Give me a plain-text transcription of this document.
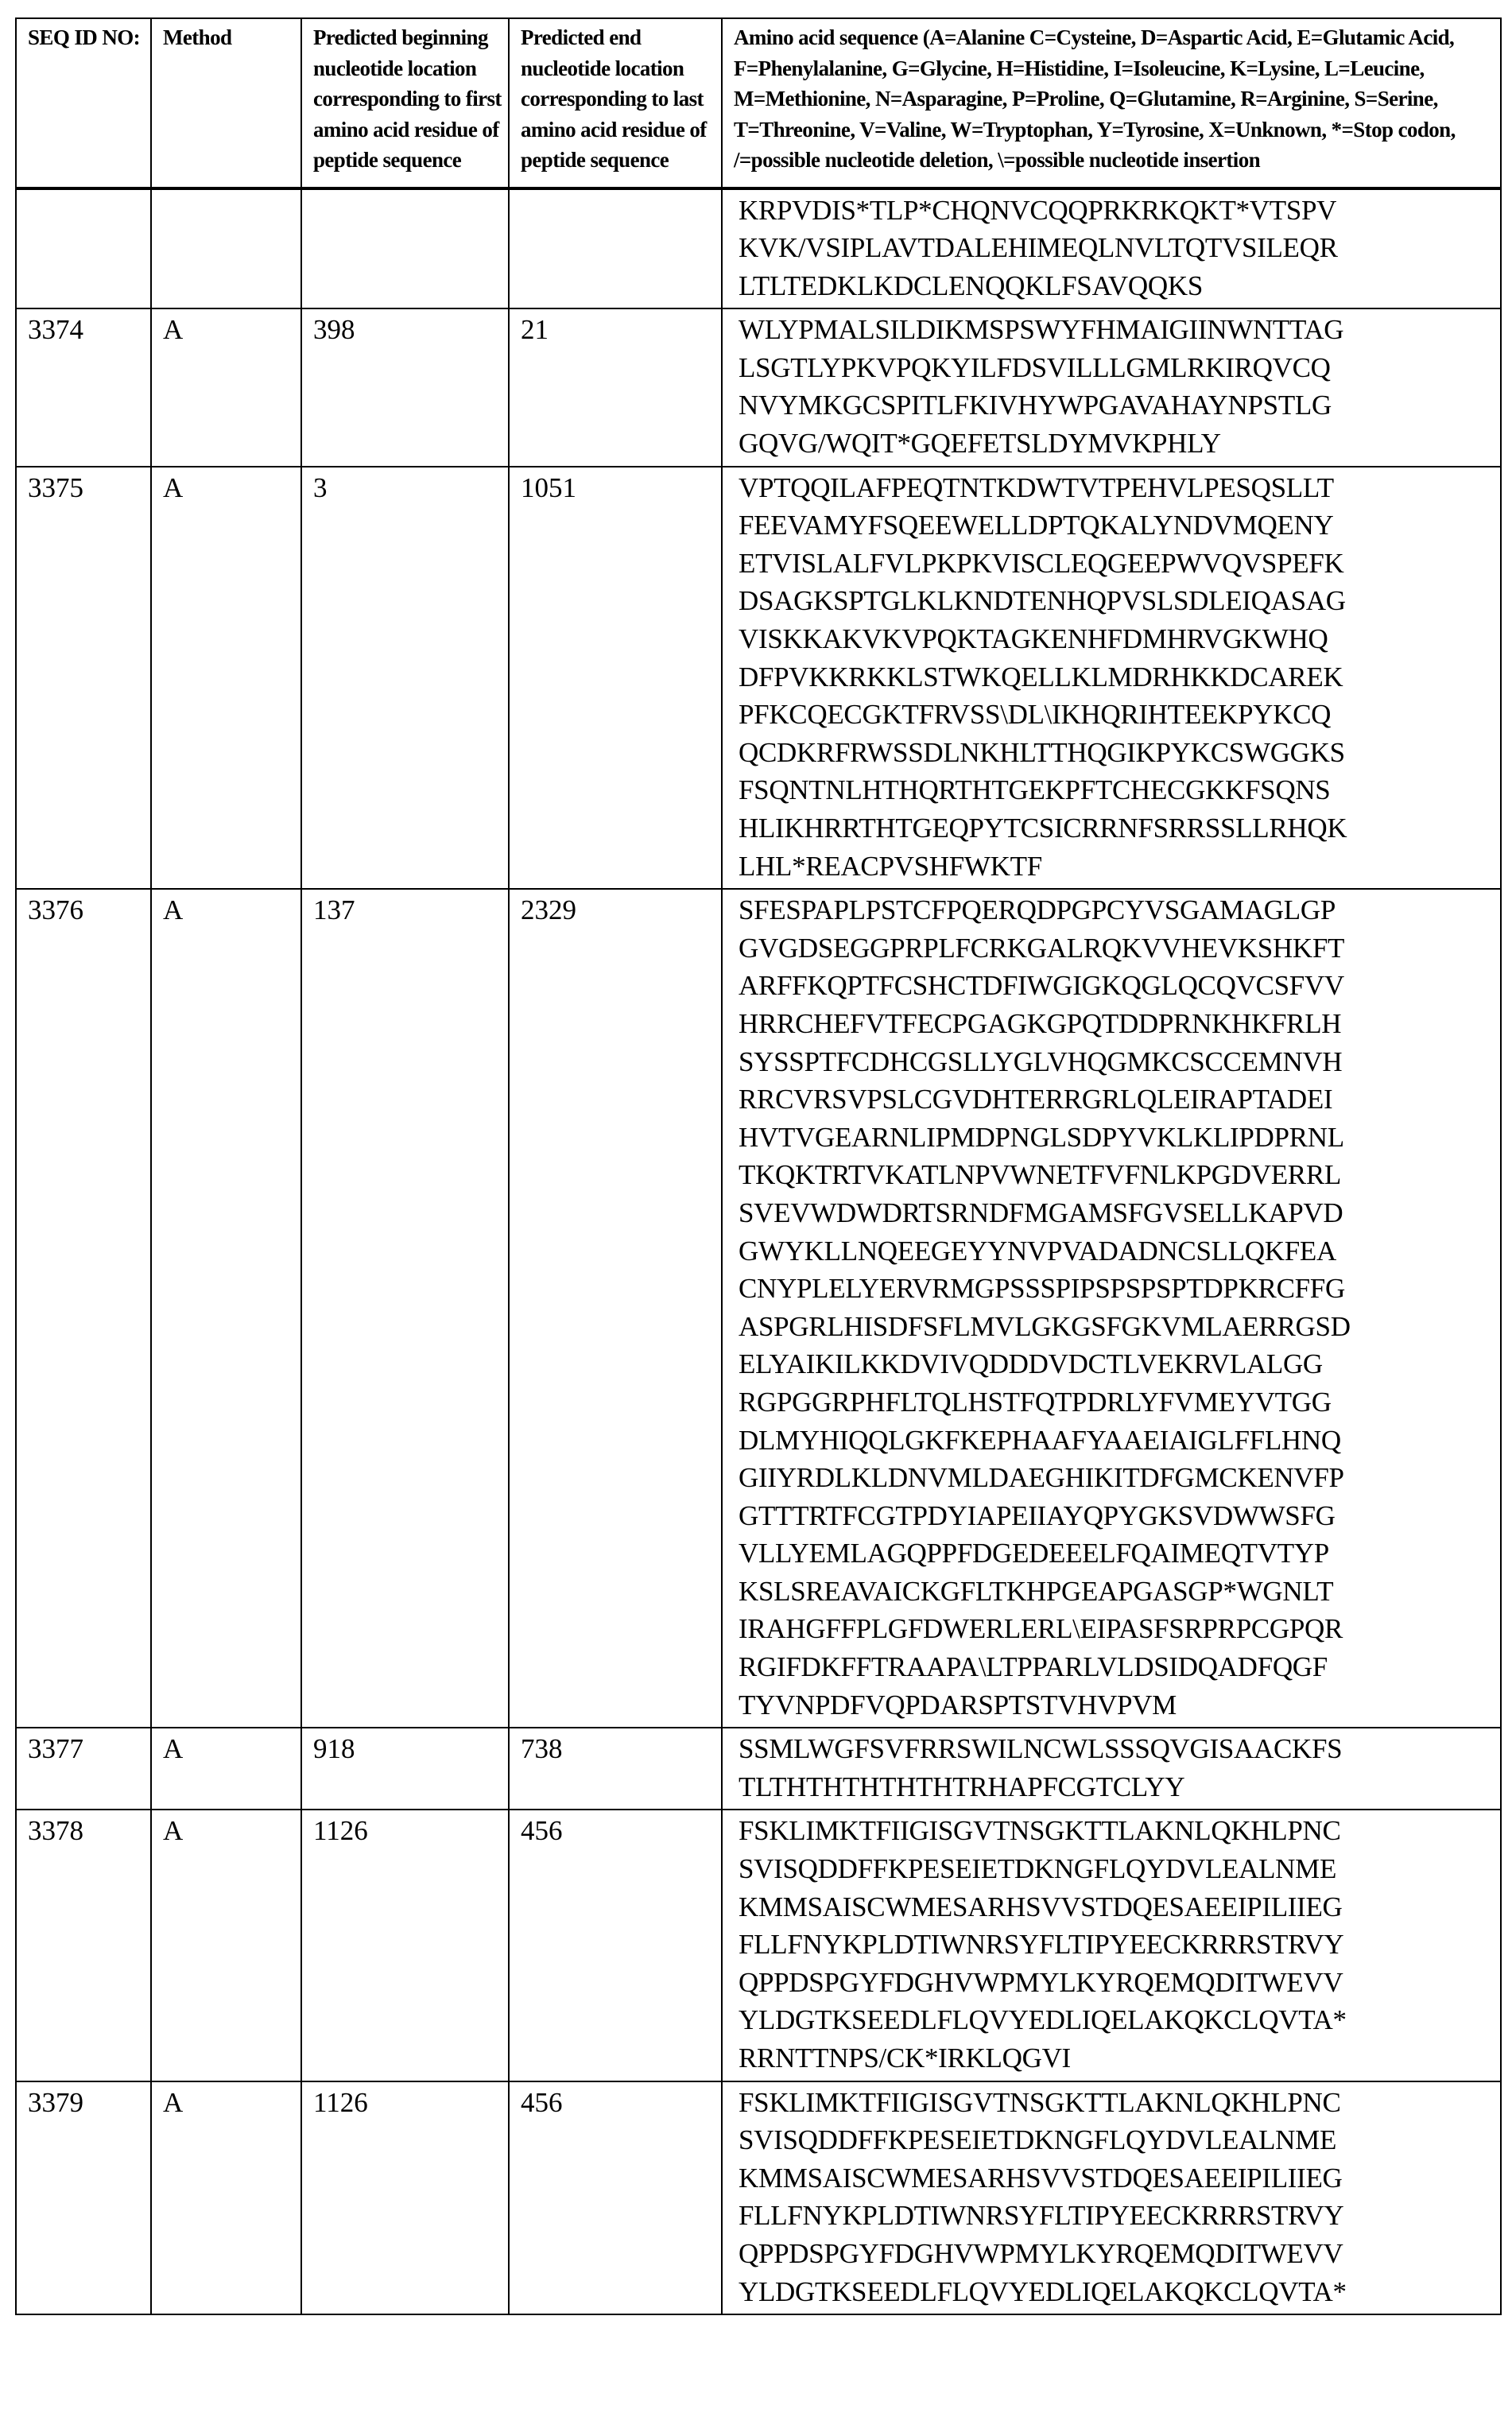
SEQ ID NO:	Method	Predicted beginning nucleotide location corresponding to first amino acid residue of peptide sequence	Predicted end nucleotide location corresponding to last amino acid residue of peptide sequence	Amino acid sequence (A=Alanine C=Cysteine, D=Aspartic Acid, E=Glutamic Acid, F=Phenylalanine, G=Glycine, H=Histidine, I=Isoleucine, K=Lysine, L=Leucine, M=Methionine, N=Asparagine, P=Proline, Q=Glutamine, R=Arginine, S=Serine, T=Threonine, V=Valine, W=Tryptophan, Y=Tyrosine, X=Unknown, *=Stop codon, /=possible nucleotide deletion, \=possible nucleotide insertion

KRPVDIS*TLP*CHQNVCQQPRKRKQKT*VTSPV
KVK/VSIPLAVTDALEHIMEQLNVLTQTVSILEQR
LTLTEDKLKDCLENQQKLFSAVQQKS

3374	A	398	21	WLYPMALSILDIKMSPSWYFHMAIGIINWNTTAG
LSGTLYPKVPQKYILFDSVILLLGMLRKIRQVCQ
NVYMKGCSPITLFKIVHYWPGAVAHAYNPSTLG
GQVG/WQIT*GQEFETSLDYMVKPHLY

3375	A	3	1051	VPTQQILAFPEQTNTKDWTVTPEHVLPESQSLLT
FEEVAMYFSQEEWELLDPTQKALYNDVMQENY
ETVISLALFVLPKPKVISCLEQGEEPWVQVSPEFK
DSAGKSPTGLKLKNDTENHQPVSLSDLEIQASAG
VISKKAKVKVPQKTAGKENHFDMHRVGKWHQ
DFPVKKRKKLSTWKQELLKLMDRHKKDCAREK
PFKCQECGKTFRVSS\DL\IKHQRIHTEEKPYKCQ
QCDKRFRWSSDLNKHLTTHQGIKPYKCSWGGKS
FSQNTNLHTHQRTHTGEKPFTCHECGKKFSQNS
HLIKHRRTHTGEQPYTCSICRRNFSRRSSLLRHQK
LHL*REACPVSHFWKTF

3376	A	137	2329	SFESPAPLPSTCFPQERQDPGPCYVSGAMAGLGP
GVGDSEGGPRPLFCRKGALRQKVVHEVKSHKFT
ARFFKQPTFCSHCTDFIWGIGKQGLQCQVCSFVV
HRRCHEFVTFECPGAGKGPQTDDPRNKHKFRLH
SYSSPTFCDHCGSLLYGLVHQGMKCSCCEMNVH
RRCVRSVPSLCGVDHTERRGRLQLEIRAPTADEI
HVTVGEARNLIPMDPNGLSDPYVKLKLIPDPRNL
TKQKTRTVKATLNPVWNETFVFNLKPGDVERRL
SVEVWDWDRTSRNDFMGAMSFGVSELLKAPVD
GWYKLLNQEEGEYYNVPVADADNCSLLQKFEA
CNYPLELYERVRMGPSSSPIPSPSPSPTDPKRCFFG
ASPGRLHISDFSFLMVLGKGSFGKVMLAERRGSD
ELYAIKILKKDVIVQDDDVDCTLVEKRVLALGG
RGPGGRPHFLTQLHSTFQTPDRLYFVMEYVTGG
DLMYHIQQLGKFKEPHAAFYAAEIAIGLFFLHNQ
GIIYRDLKLDNVMLDAEGHIKITDFGMCKENVFP
GTTTRTFCGTPDYIAPEIIAYQPYGKSVDWWSFG
VLLYEMLAGQPPFDGEDEEELFQAIMEQTVTYP
KSLSREAVAICKGFLTKHPGEAPGASGP*WGNLT
IRAHGFFPLGFDWERLERL\EIPASFSRPRPCGPQR
RGIFDKFFTRAAPA\LTPPARLVLDSIDQADFQGF
TYVNPDFVQPDARSPTSTVHVPVM

3377	A	918	738	SSMLWGFSVFRRSWILNCWLSSSQVGISAACKFS
TLTHTHTHTHTHTRHAPFCGTCLYY

3378	A	1126	456	FSKLIMKTFIIGISGVTNSGKTTLAKNLQKHLPNC
SVISQDDFFKPESEIETDKNGFLQYDVLEALNME
KMMSAISCWMESARHSVVSTDQESAEEIPILIIEG
FLLFNYKPLDTIWNRSYFLTIPYEECKRRRSTRVY
QPPDSPGYFDGHVWPMYLKYRQEMQDITWEVV
YLDGTKSEEDLFLQVYEDLIQELAKQKCLQVTA*
RRNTTNPS/CK*IRKLQGVI

3379	A	1126	456	FSKLIMKTFIIGISGVTNSGKTTLAKNLQKHLPNC
SVISQDDFFKPESEIETDKNGFLQYDVLEALNME
KMMSAISCWMESARHSVVSTDQESAEEIPILIIEG
FLLFNYKPLDTIWNRSYFLTIPYEECKRRRSTRVY
QPPDSPGYFDGHVWPMYLKYRQEMQDITWEVV
YLDGTKSEEDLFLQVYEDLIQELAKQKCLQVTA*
